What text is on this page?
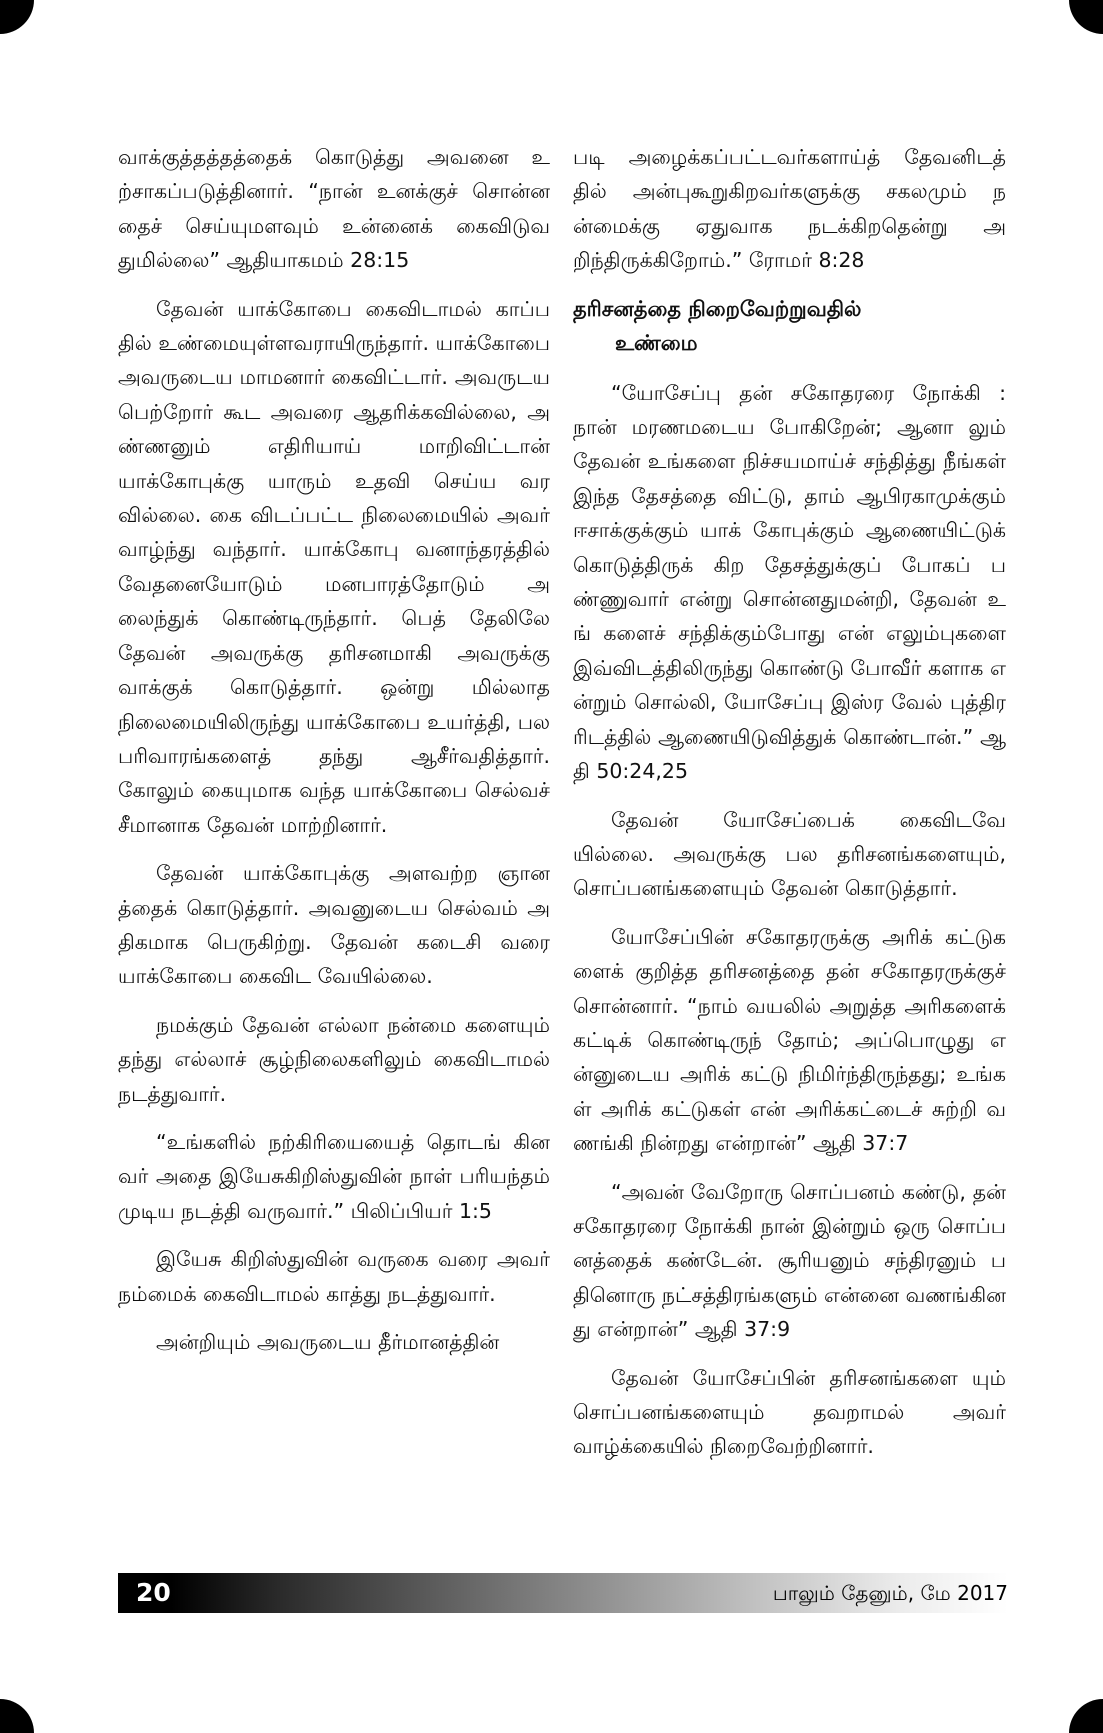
வாக்குத்தத்தத்தைக் கொடுத்து அவனை உற்சாகப்படுத்தினார். “நான் உனக்குச் சொன்னதைச் செய்யுமளவும் உன்னைக் கைவிடுவதுமில்லை” ஆதியாகமம் 28:15

தேவன் யாக்கோபை கைவிடாமல் காப்பதில் உண்மையுள்ளவராயிருந்தார். யாக்கோபை அவருடைய மாமனார் கைவிட்டார். அவருடய பெற்றோர் கூட அவரை ஆதரிக்கவில்லை, அண்ணனும் எதிரியாய் மாறிவிட்டான் யாக்கோபுக்கு யாரும் உதவி செய்ய வரவில்லை. கை விடப்பட்ட நிலைமையில் அவர் வாழ்ந்து வந்தார். யாக்கோபு வனாந்தரத்தில் வேதனையோடும் மனபாரத்தோடும் அலைந்துக் கொண்டிருந்தார். பெத் தேலிலே தேவன் அவருக்கு தரிசனமாகி அவருக்கு வாக்குக் கொடுத்தார். ஒன்று மில்லாத நிலைமையிலிருந்து யாக்கோபை உயர்த்தி, பல பரிவாரங்களைத் தந்து ஆசீர்வதித்தார். கோலும் கையுமாக வந்த யாக்கோபை செல்வச் சீமானாக தேவன் மாற்றினார்.

தேவன் யாக்கோபுக்கு அளவற்ற ஞானத்தைக் கொடுத்தார். அவனுடைய செல்வம் அதிகமாக பெருகிற்று. தேவன் கடைசி வரை யாக்கோபை கைவிட வேயில்லை.

நமக்கும் தேவன் எல்லா நன்மை களையும் தந்து எல்லாச் சூழ்நிலைகளிலும் கைவிடாமல் நடத்துவார்.

“உங்களில் நற்கிரியையைத் தொடங் கினவர் அதை இயேசுகிறிஸ்துவின் நாள் பரியந்தம் முடிய நடத்தி வருவார்.” பிலிப்பியர் 1:5

இயேசு கிறிஸ்துவின் வருகை வரை அவர் நம்மைக் கைவிடாமல் காத்து நடத்துவார்.

அன்றியும் அவருடைய தீர்மானத்தின்

படி அழைக்கப்பட்டவர்களாய்த் தேவனிடத் தில் அன்புகூறுகிறவர்களுக்கு சகலமும் நன்மைக்கு ஏதுவாக நடக்கிறதென்று அறிந்திருக்கிறோம்.” ரோமர் 8:28

தரிசனத்தை நிறைவேற்றுவதில்
உண்மை

“யோசேப்பு தன் சகோதரரை நோக்கி : நான் மரணமடைய போகிறேன்; ஆனா லும் தேவன் உங்களை நிச்சயமாய்ச் சந்தித்து நீங்கள் இந்த தேசத்தை விட்டு, தாம் ஆபிரகாமுக்கும் ஈசாக்குக்கும் யாக் கோபுக்கும் ஆணையிட்டுக் கொடுத்திருக் கிற தேசத்துக்குப் போகப் பண்ணுவார் என்று சொன்னதுமன்றி, தேவன் உங் களைச் சந்திக்கும்போது என் எலும்புகளை இவ்விடத்திலிருந்து கொண்டு போவீர் களாக என்றும் சொல்லி, யோசேப்பு இஸ்ர வேல் புத்திரரிடத்தில் ஆணையிடுவித்துக் கொண்டான்.” ஆதி 50:24,25

தேவன் யோசேப்பைக் கைவிடவே யில்லை. அவருக்கு பல தரிசனங்களையும், சொப்பனங்களையும் தேவன் கொடுத்தார்.

யோசேப்பின் சகோதரருக்கு அரிக் கட்டுகளைக் குறித்த தரிசனத்தை தன் சகோதரருக்குச் சொன்னார். “நாம் வயலில் அறுத்த அரிகளைக் கட்டிக் கொண்டிருந் தோம்; அப்பொழுது என்னுடைய அரிக் கட்டு நிமிர்ந்திருந்தது; உங்கள் அரிக் கட்டுகள் என் அரிக்கட்டைச் சுற்றி வணங்கி நின்றது என்றான்” ஆதி 37:7

“அவன் வேறோரு சொப்பனம் கண்டு, தன் சகோதரரை நோக்கி நான் இன்றும் ஒரு சொப்பனத்தைக் கண்டேன். சூரியனும் சந்திரனும் பதினொரு நட்சத்திரங்களும் என்னை வணங்கினது என்றான்” ஆதி 37:9

தேவன் யோசேப்பின் தரிசனங்களை யும் சொப்பனங்களையும் தவறாமல் அவர் வாழ்க்கையில் நிறைவேற்றினார்.

20	பாலும் தேனும், மே 2017
